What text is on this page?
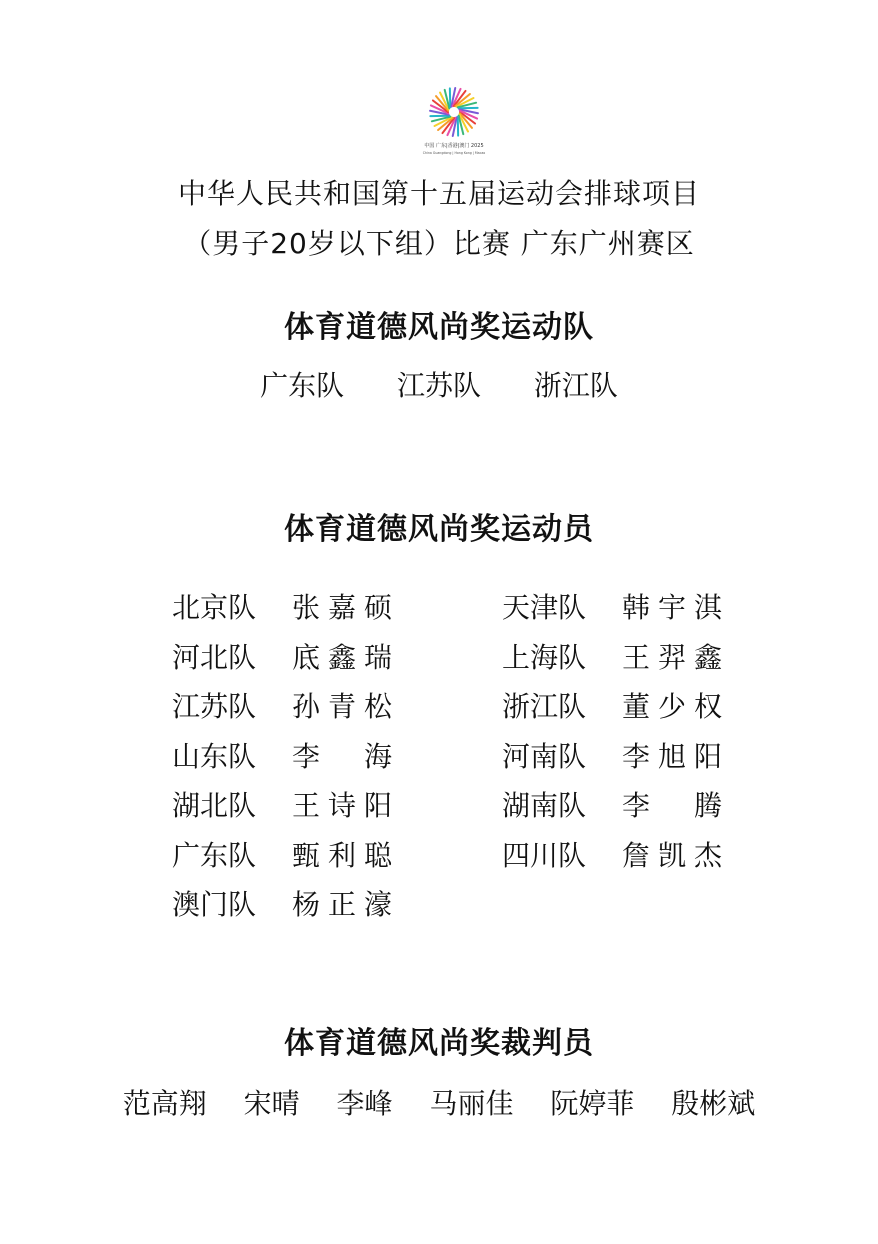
中国 广东|香港|澳门 2025
China Guangdong | Hong Kong | Macao
中华人民共和国第十五届运动会排球项目
（男子20岁以下组）比赛 广东广州赛区
体育道德风尚奖运动队
广东队 江苏队 浙江队
体育道德风尚奖运动员
北京队 张嘉硕
河北队 底鑫瑞
江苏队 孙青松
山东队 李海
湖北队 王诗阳
广东队 甄利聪
澳门队 杨正濠
天津队 韩宇淇
上海队 王羿鑫
浙江队 董少权
河南队 李旭阳
湖南队 李腾
四川队 詹凯杰
体育道德风尚奖裁判员
范高翔 宋晴 李峰 马丽佳 阮婷菲 殷彬斌
